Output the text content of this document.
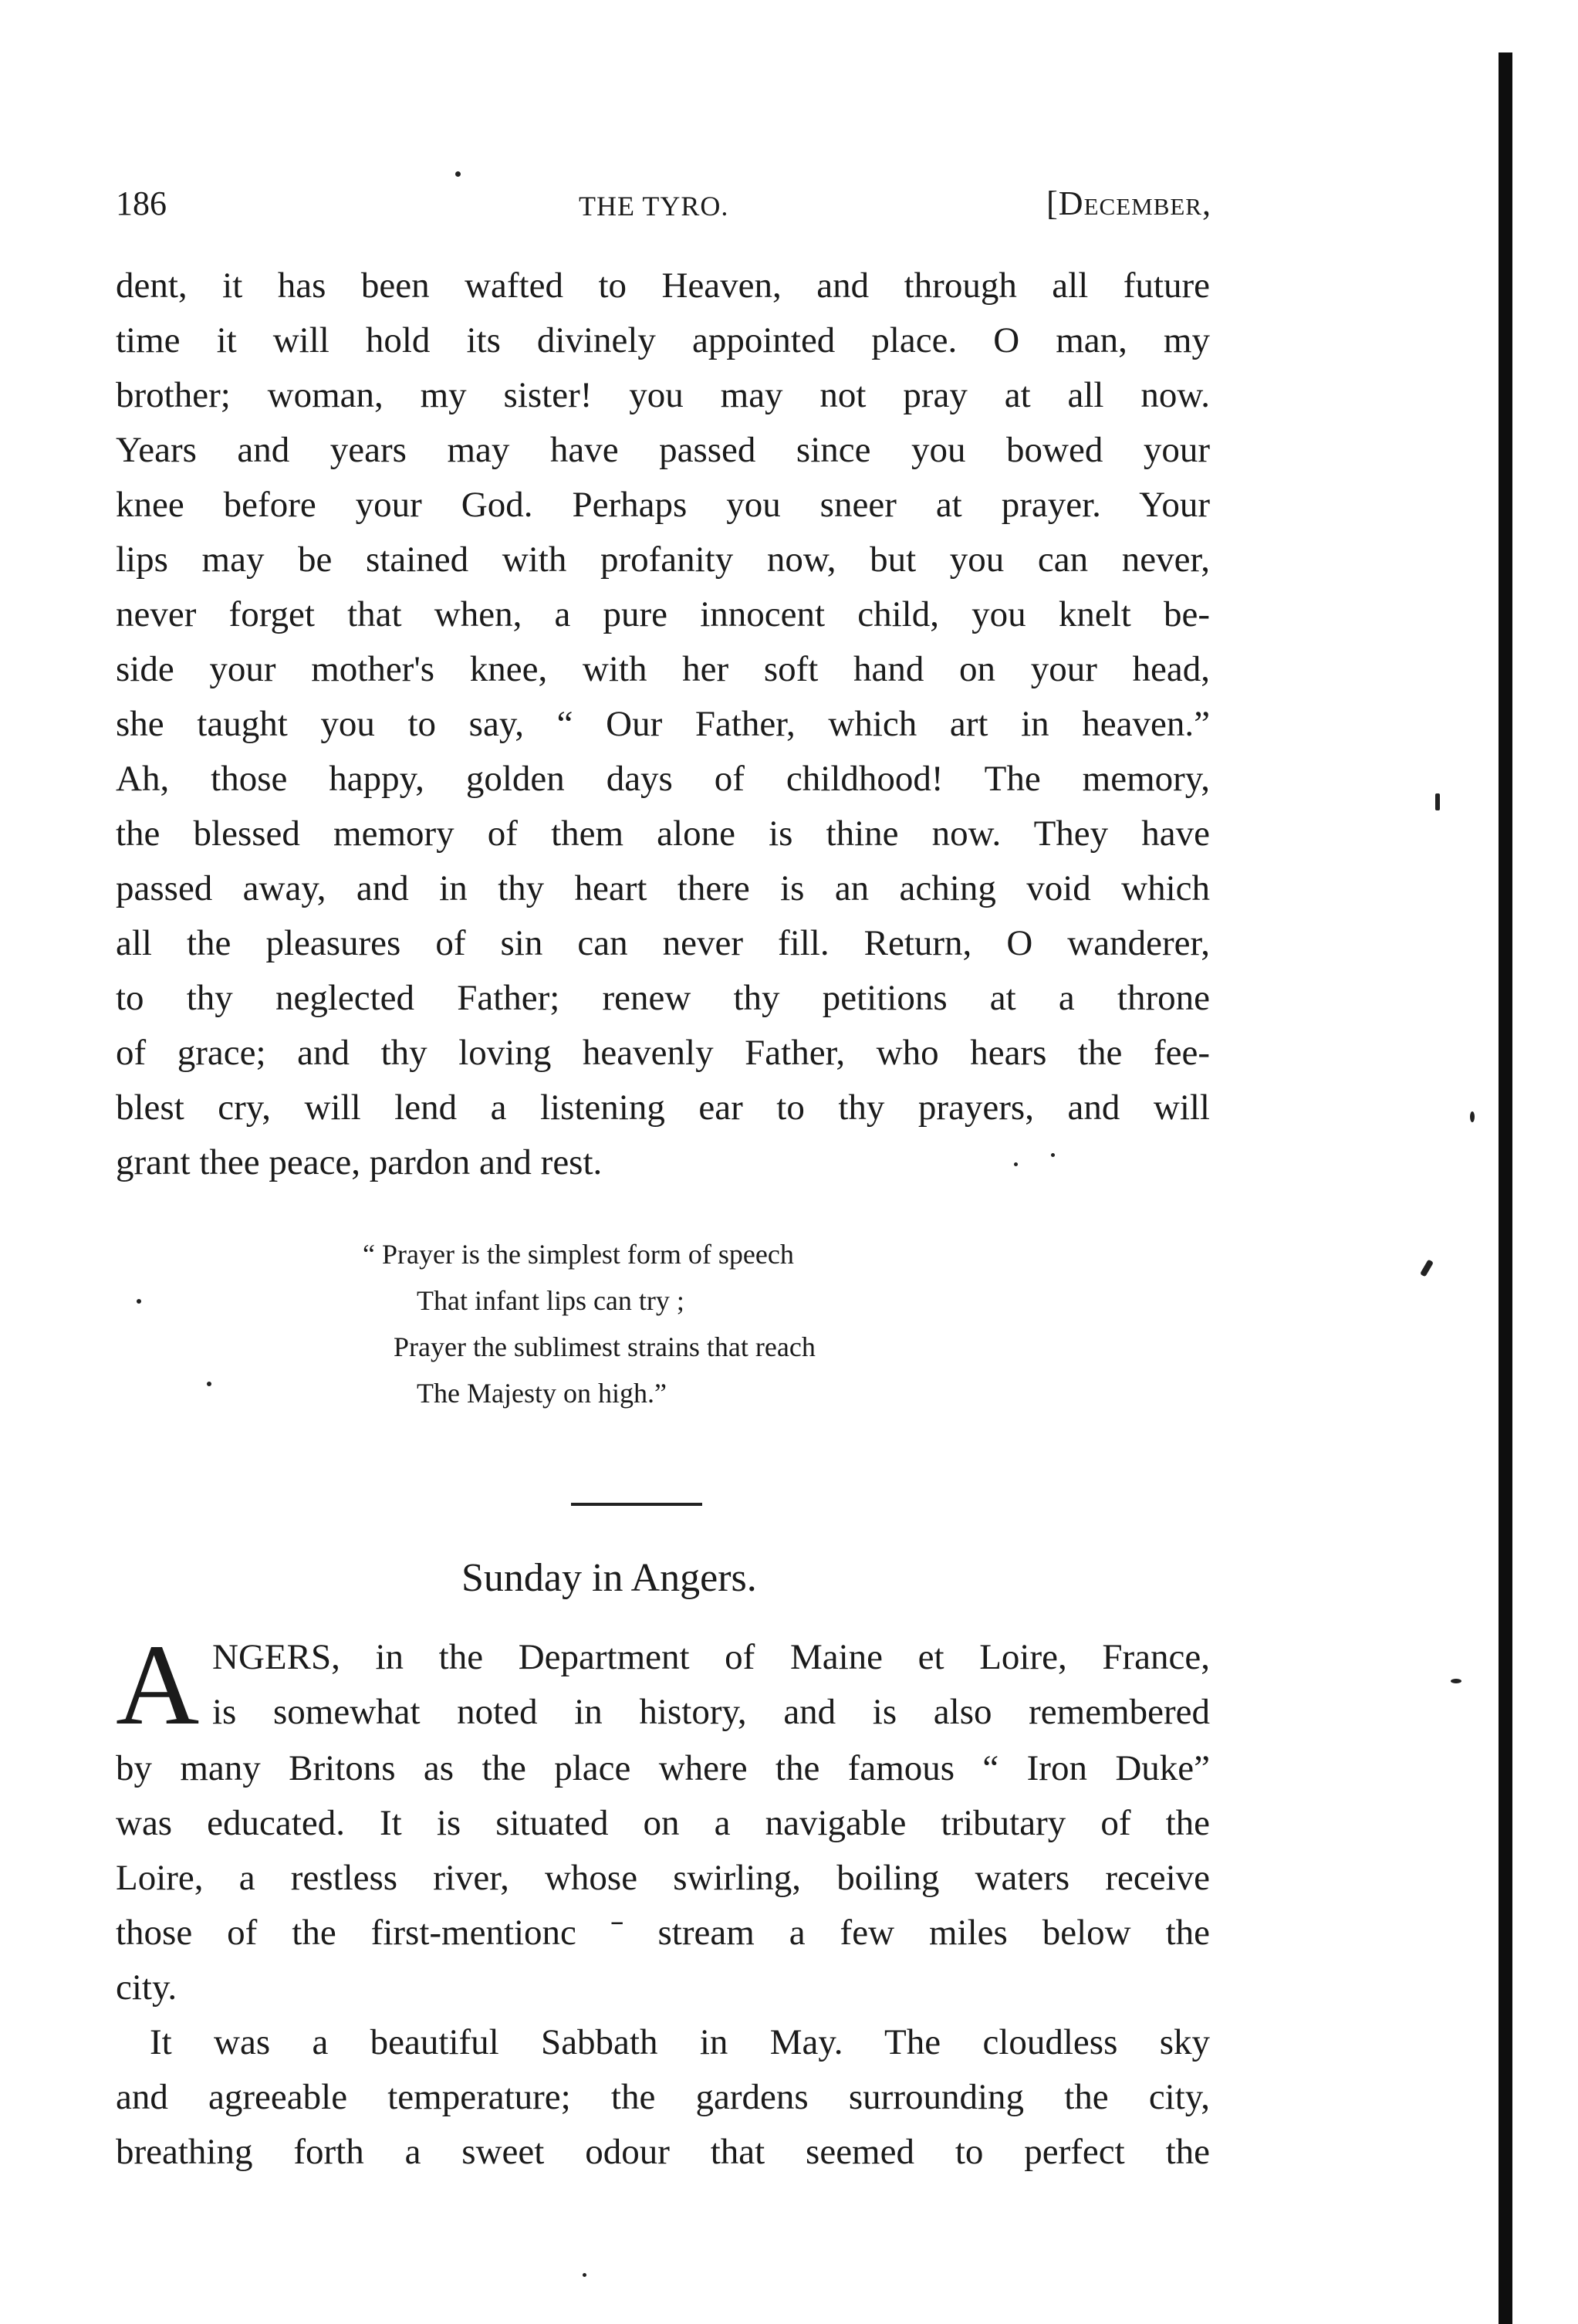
186	THE TYRO.	[December,
dent, it has been wafted to Heaven, and through all future
time it will hold its divinely appointed place. O man, my
brother; woman, my sister! you may not pray at all now.
Years and years may have passed since you bowed your
knee before your God. Perhaps you sneer at prayer. Your
lips may be stained with profanity now, but you can never,
never forget that when, a pure innocent child, you knelt be-
side your mother's knee, with her soft hand on your head,
she taught you to say, “ Our Father, which art in heaven.”
Ah, those happy, golden days of childhood! The memory,
the blessed memory of them alone is thine now. They have
passed away, and in thy heart there is an aching void which
all the pleasures of sin can never fill. Return, O wanderer,
to thy neglected Father; renew thy petitions at a throne
of grace; and thy loving heavenly Father, who hears the fee-
blest cry, will lend a listening ear to thy prayers, and will
grant thee peace, pardon and rest.
“ Prayer is the simplest form of speech
That infant lips can try ;
Prayer the sublimest strains that reach
The Majesty on high.”
Sunday in Angers.
A NGERS, in the Department of Maine et Loire, France,
is somewhat noted in history, and is also remembered
by many Britons as the place where the famous “ Iron Duke”
was educated. It is situated on a navigable tributary of the
Loire, a restless river, whose swirling, boiling waters receive
those of the first-mentionc ˉ stream a few miles below the
city.
It was a beautiful Sabbath in May. The cloudless sky
and agreeable temperature; the gardens surrounding the city,
breathing forth a sweet odour that seemed to perfect the
